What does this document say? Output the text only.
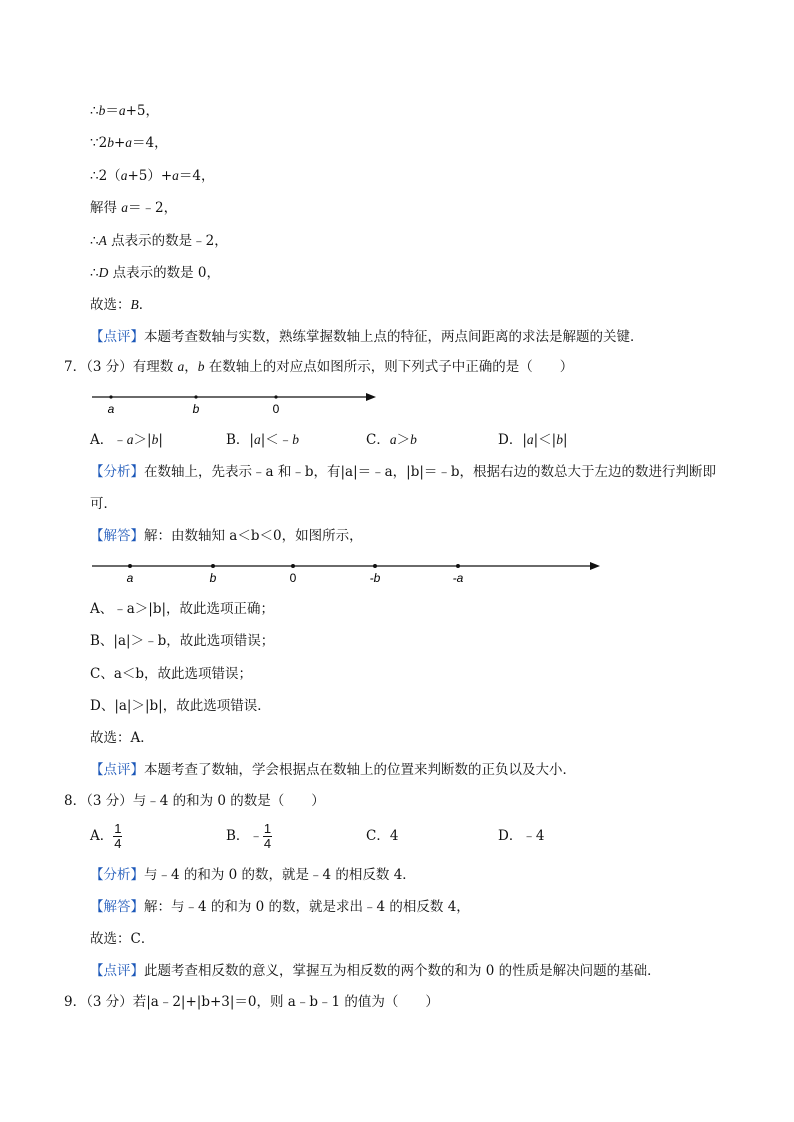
∴b＝a+5，
∵2b+a＝4，
∴2（a+5）+a＝4，
解得 a＝﹣2，
∴A 点表示的数是﹣2，
∴D 点表示的数是 0，
故选：B．
【点评】本题考查数轴与实数，熟练掌握数轴上点的特征，两点间距离的求法是解题的关键．
7．（3 分）有理数 a，b 在数轴上的对应点如图所示，则下列式子中正确的是（　　）
a	b	0
A．﹣a＞|b|	B．|a|＜﹣b	C．a＞b	D．|a|＜|b|
【分析】在数轴上，先表示﹣a 和﹣b，有|a|＝﹣a，|b|＝﹣b，根据右边的数总大于左边的数进行判断即
可．
【解答】解：由数轴知 a＜b＜0，如图所示，
a	b	0	-b	-a
A、﹣a＞|b|，故此选项正确；
B、|a|＞﹣b，故此选项错误；
C、a＜b，故此选项错误；
D、|a|＞|b|，故此选项错误．
故选：A．
【点评】本题考查了数轴，学会根据点在数轴上的位置来判断数的正负以及大小．
8．（3 分）与﹣4 的和为 0 的数是（　　）
A． $\frac{1}{4}$	B．﹣ $\frac{1}{4}$	C．4	D．﹣4
【分析】与﹣4 的和为 0 的数，就是﹣4 的相反数 4．
【解答】解：与﹣4 的和为 0 的数，就是求出﹣4 的相反数 4，
故选：C．
【点评】此题考查相反数的意义，掌握互为相反数的两个数的和为 0 的性质是解决问题的基础．
9．（3 分）若|a﹣2|+|b+3|＝0，则 a﹣b﹣1 的值为（　　）
